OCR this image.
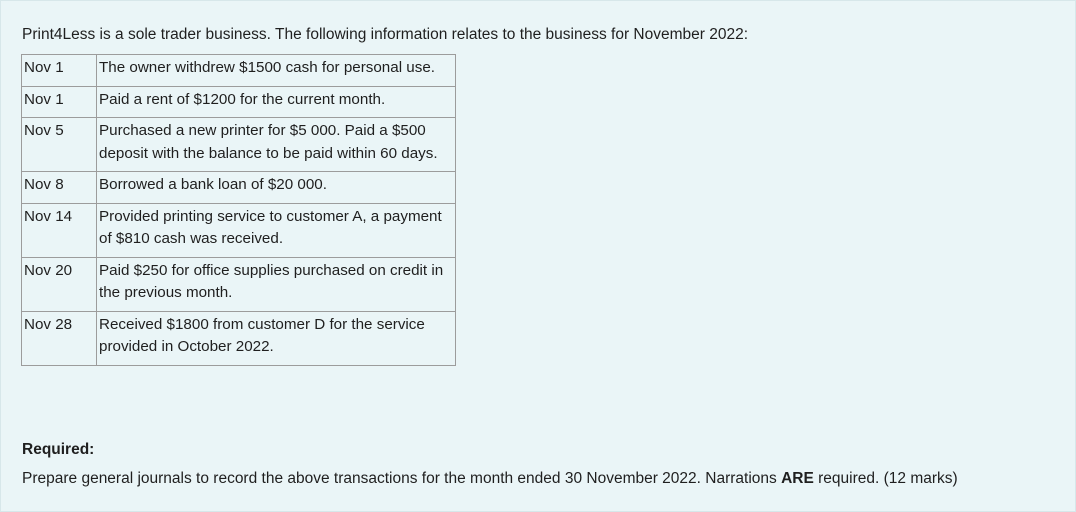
Print4Less is a sole trader business. The following information relates to the business for November 2022:
Nov 1	The owner withdrew $1500 cash for personal use.
Nov 1	Paid a rent of $1200 for the current month.
Nov 5	Purchased a new printer for $5 000. Paid a $500 deposit with the balance to be paid within 60 days.
Nov 8	Borrowed a bank loan of $20 000.
Nov 14	Provided printing service to customer A, a payment of $810 cash was received.
Nov 20	Paid $250 for office supplies purchased on credit in the previous month.
Nov 28	Received $1800 from customer D for the service provided in October 2022.
Required:
Prepare general journals to record the above transactions for the month ended 30 November 2022. Narrations ARE required. (12 marks)
